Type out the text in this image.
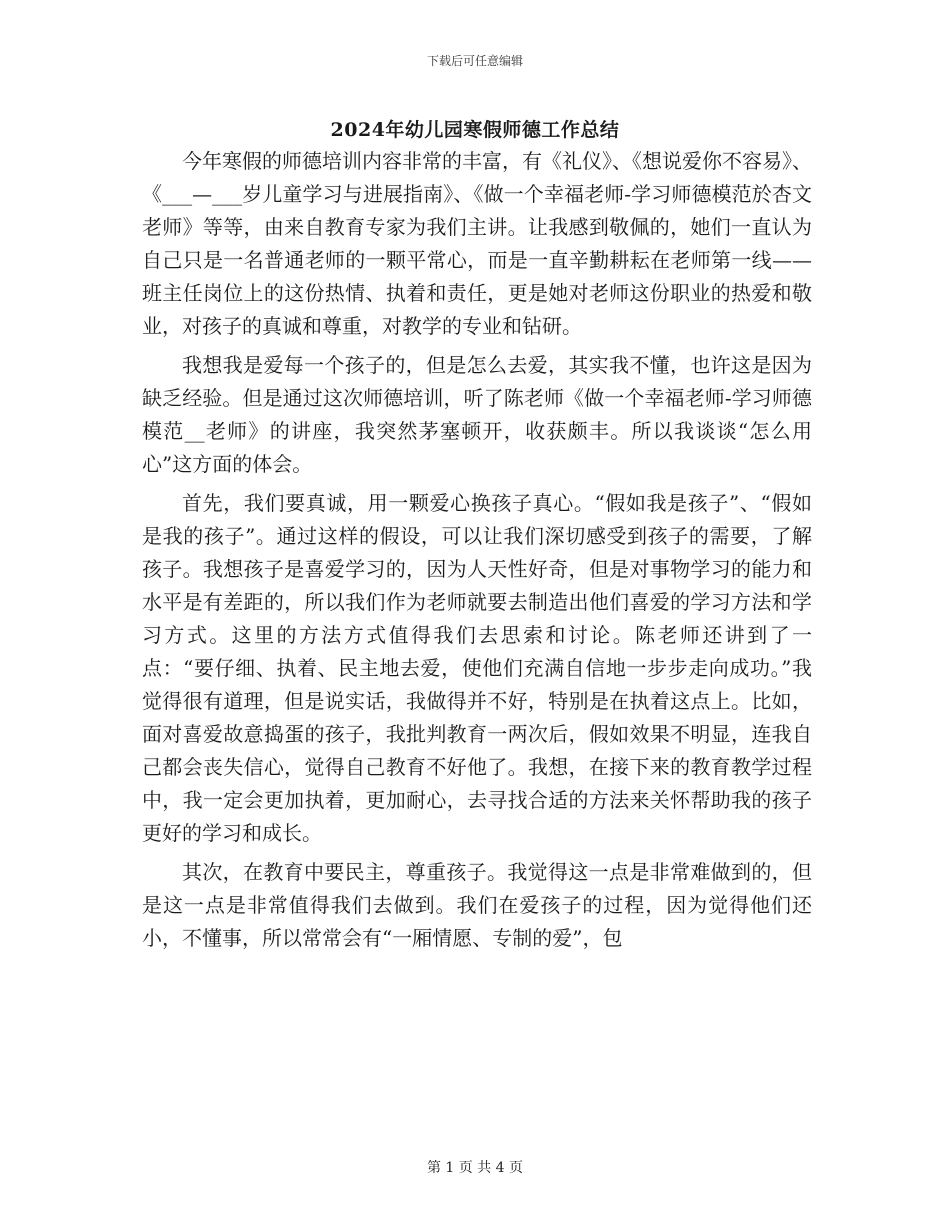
下载后可任意编辑
2024年幼儿园寒假师德工作总结

今年寒假的师德培训内容非常的丰富，有《礼仪》、《想说爱你不容易》、《___—___岁儿童学习与进展指南》、《做一个幸福老师-学习师德模范於杏文老师》等等，由来自教育专家为我们主讲。让我感到敬佩的，她们一直认为自己只是一名普通老师的一颗平常心，而是一直辛勤耕耘在老师第一线——班主任岗位上的这份热情、执着和责任，更是她对老师这份职业的热爱和敬业，对孩子的真诚和尊重，对教学的专业和钻研。

我想我是爱每一个孩子的，但是怎么去爱，其实我不懂，也许这是因为缺乏经验。但是通过这次师德培训，听了陈老师《做一个幸福老师-学习师德模范__老师》的讲座，我突然茅塞顿开，收获颇丰。所以我谈谈“怎么用心”这方面的体会。

首先，我们要真诚，用一颗爱心换孩子真心。“假如我是孩子”、“假如是我的孩子”。通过这样的假设，可以让我们深切感受到孩子的需要，了解孩子。我想孩子是喜爱学习的，因为人天性好奇，但是对事物学习的能力和水平是有差距的，所以我们作为老师就要去制造出他们喜爱的学习方法和学习方式。这里的方法方式值得我们去思索和讨论。陈老师还讲到了一点：“要仔细、执着、民主地去爱，使他们充满自信地一步步走向成功。”我觉得很有道理，但是说实话，我做得并不好，特别是在执着这点上。比如，面对喜爱故意捣蛋的孩子，我批判教育一两次后，假如效果不明显，连我自己都会丧失信心，觉得自己教育不好他了。我想，在接下来的教育教学过程中，我一定会更加执着，更加耐心，去寻找合适的方法来关怀帮助我的孩子更好的学习和成长。

其次，在教育中要民主，尊重孩子。我觉得这一点是非常难做到的，但是这一点是非常值得我们去做到。我们在爱孩子的过程，因为觉得他们还小，不懂事，所以常常会有“一厢情愿、专制的爱”，包

第 1 页 共 4 页
